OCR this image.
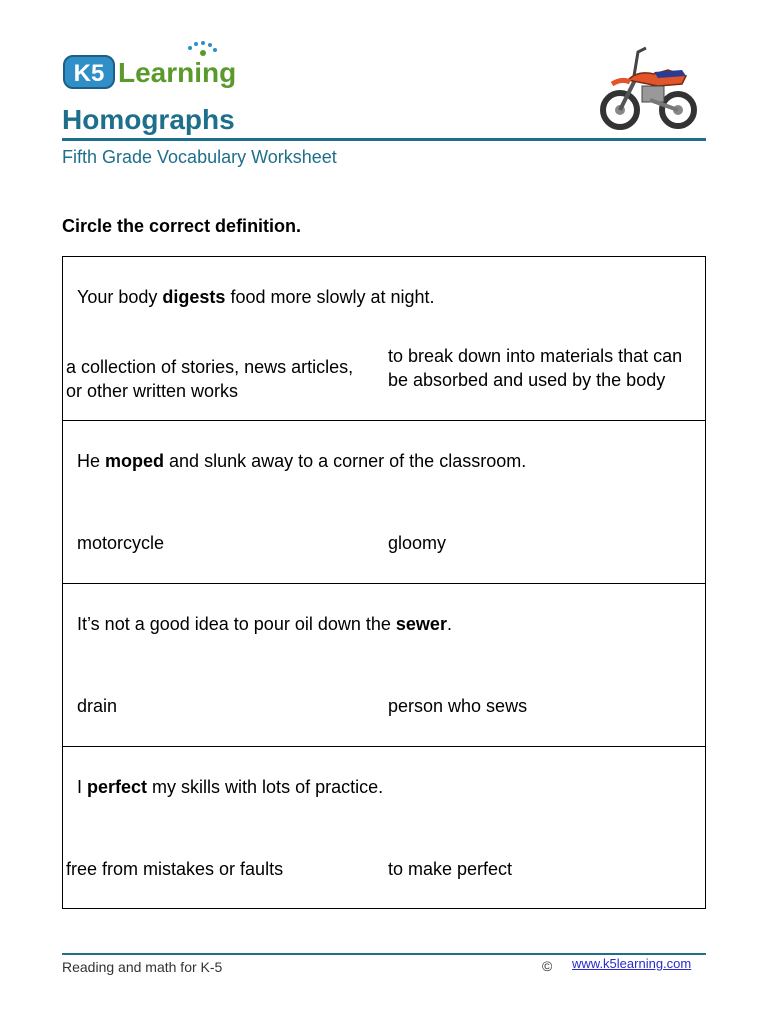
K5 Learning
Homographs
Fifth Grade Vocabulary Worksheet
Circle the correct definition.
Your body digests food more slowly at night.
a collection of stories, news articles, or other written works
to break down into materials that can be absorbed and used by the body
He moped and slunk away to a corner of the classroom.
motorcycle	gloomy
It’s not a good idea to pour oil down the sewer.
drain	person who sews
I perfect my skills with lots of practice.
free from mistakes or faults	to make perfect
Reading and math for K-5	© www.k5learning.com
